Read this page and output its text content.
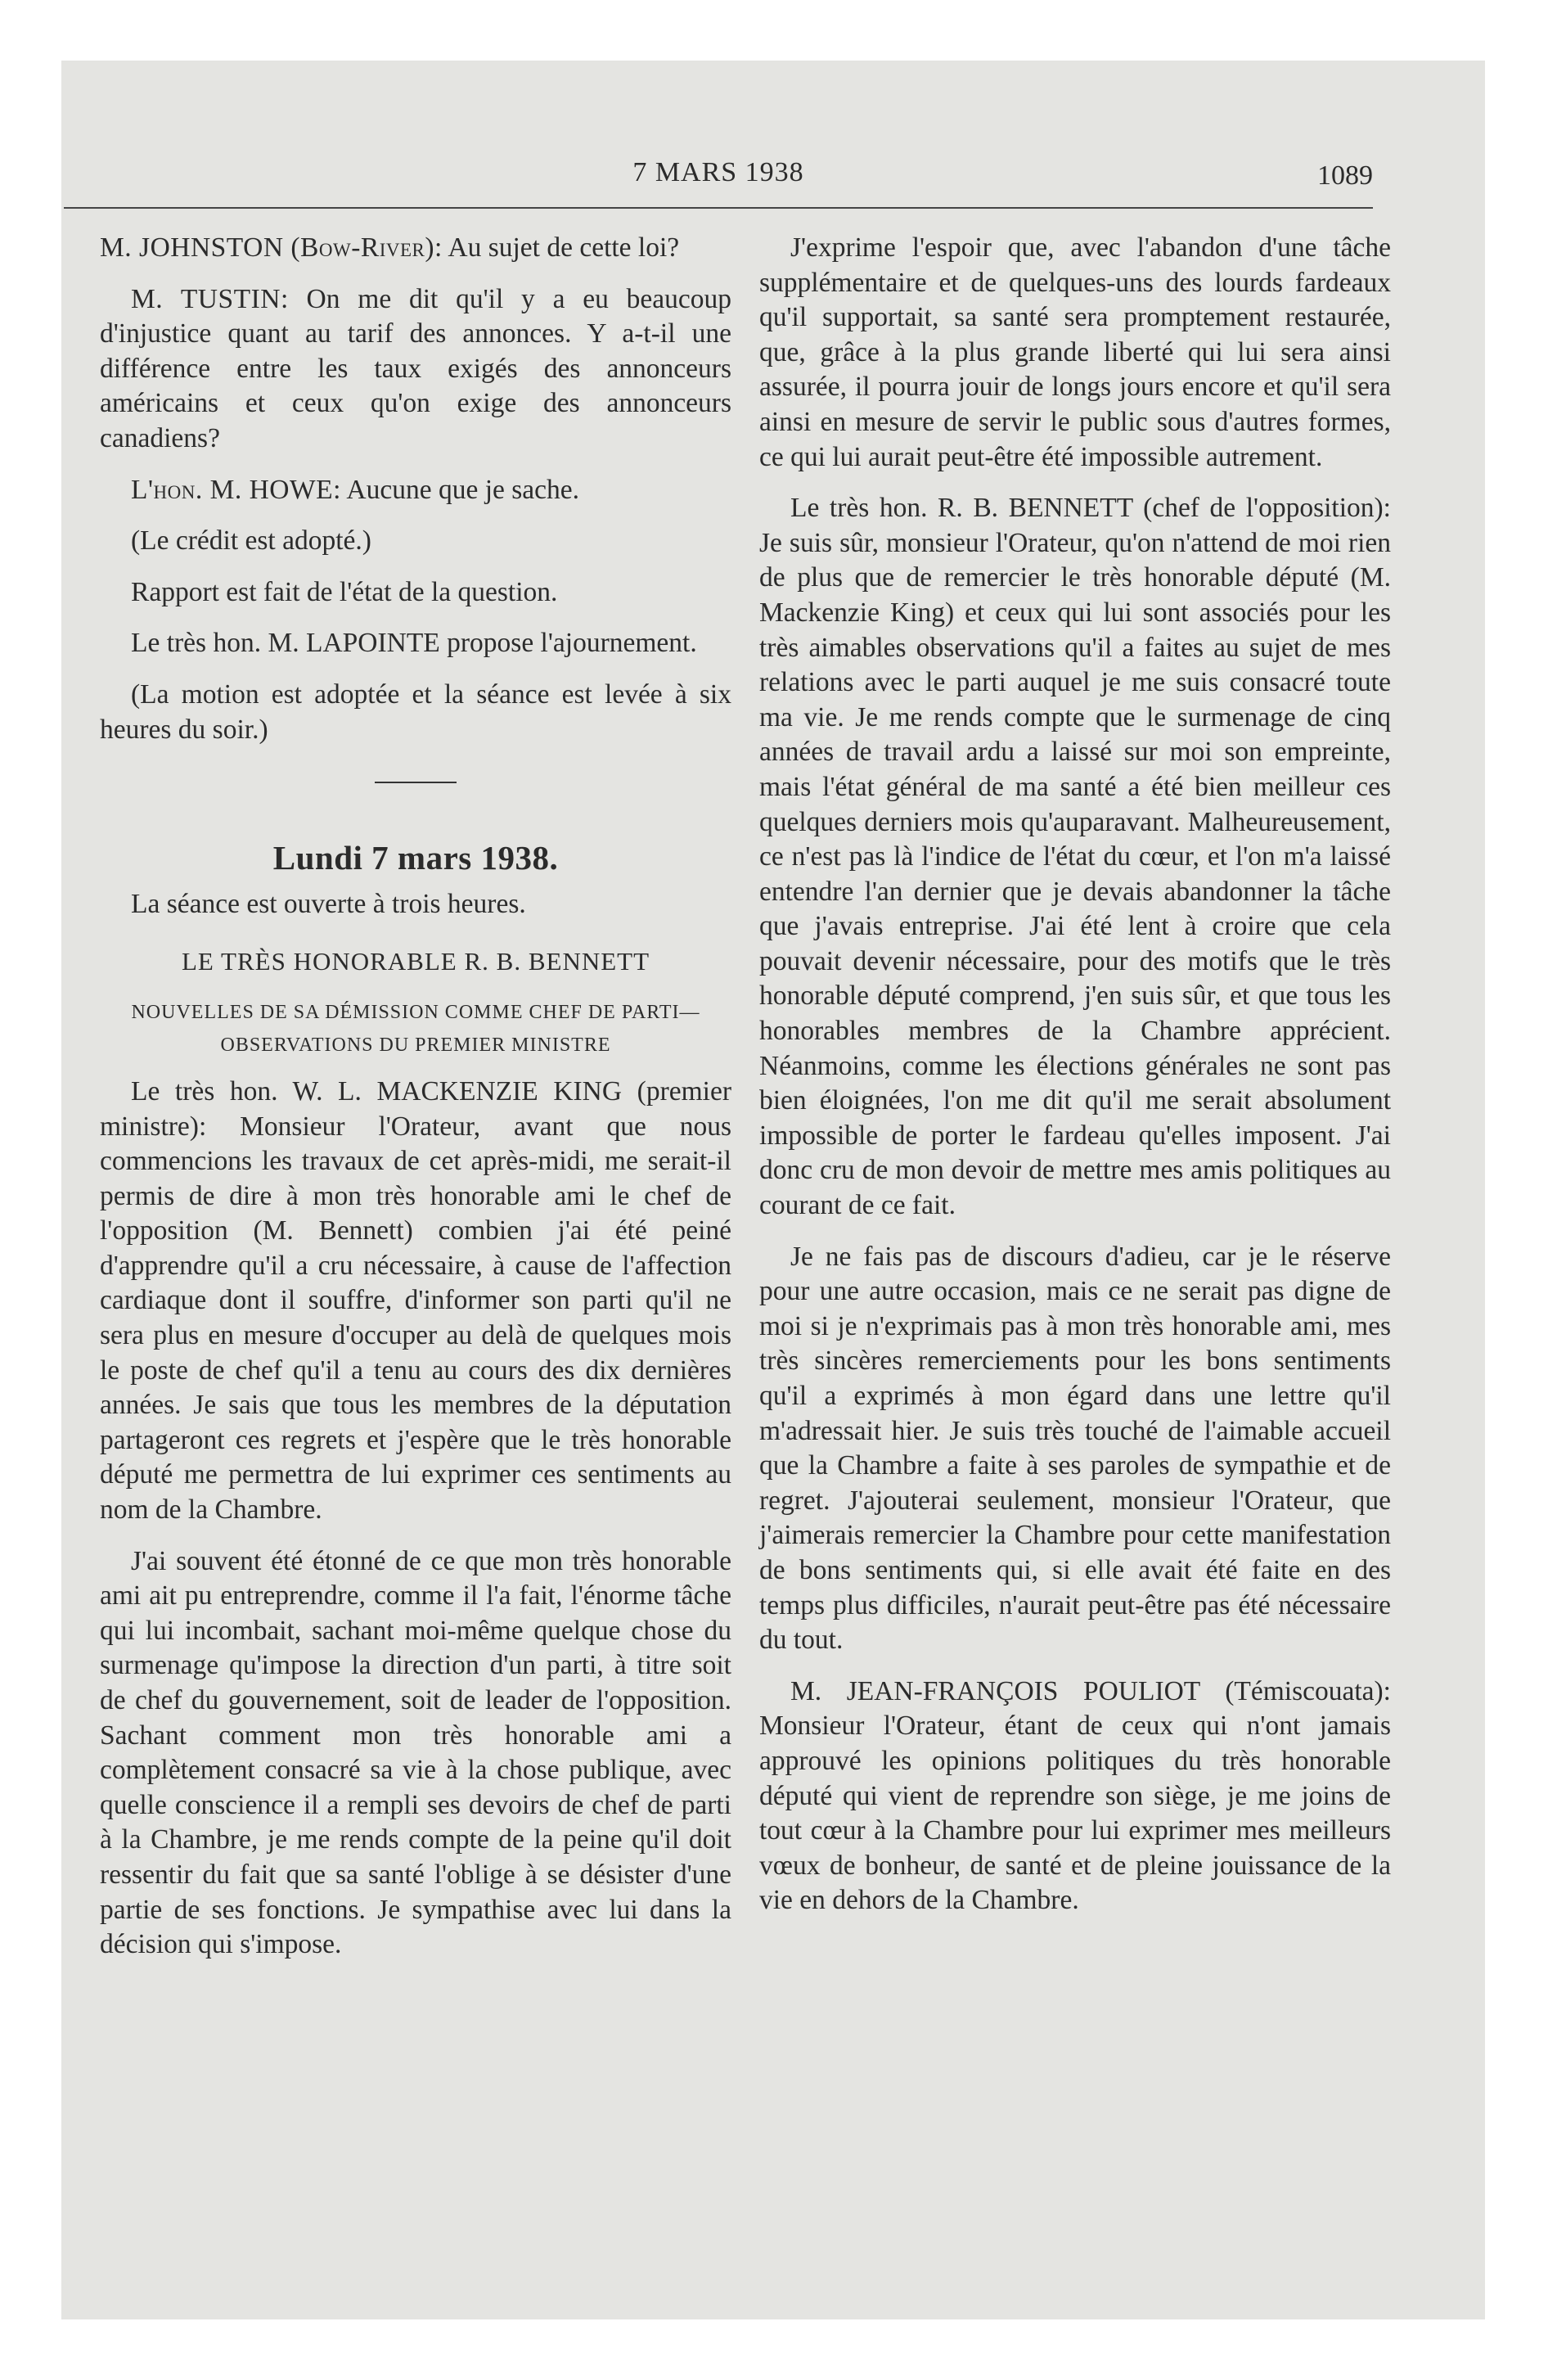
7 MARS 1938	1089

M. JOHNSTON (Bow-River): Au sujet de cette loi?

M. TUSTIN: On me dit qu'il y a eu beaucoup d'injustice quant au tarif des annonces. Y a-t-il une différence entre les taux exigés des annonceurs américains et ceux qu'on exige des annonceurs canadiens?

L'hon. M. HOWE: Aucune que je sache.

(Le crédit est adopté.)

Rapport est fait de l'état de la question.

Le très hon. M. LAPOINTE propose l'ajournement.

(La motion est adoptée et la séance est levée à six heures du soir.)

Lundi 7 mars 1938.

La séance est ouverte à trois heures.

LE TRÈS HONORABLE R. B. BENNETT
NOUVELLES DE SA DÉMISSION COMME CHEF DE PARTI—OBSERVATIONS DU PREMIER MINISTRE

Le très hon. W. L. MACKENZIE KING (premier ministre): Monsieur l'Orateur, avant que nous commencions les travaux de cet après-midi, me serait-il permis de dire à mon très honorable ami le chef de l'opposition (M. Bennett) combien j'ai été peiné d'apprendre qu'il a cru nécessaire, à cause de l'affection cardiaque dont il souffre, d'informer son parti qu'il ne sera plus en mesure d'occuper au delà de quelques mois le poste de chef qu'il a tenu au cours des dix dernières années. Je sais que tous les membres de la députation partageront ces regrets et j'espère que le très honorable député me permettra de lui exprimer ces sentiments au nom de la Chambre.

J'ai souvent été étonné de ce que mon très honorable ami ait pu entreprendre, comme il l'a fait, l'énorme tâche qui lui incombait, sachant moi-même quelque chose du surmenage qu'impose la direction d'un parti, à titre soit de chef du gouvernement, soit de leader de l'opposition. Sachant comment mon très honorable ami a complètement consacré sa vie à la chose publique, avec quelle conscience il a rempli ses devoirs de chef de parti à la Chambre, je me rends compte de la peine qu'il doit ressentir du fait que sa santé l'oblige à se désister d'une partie de ses fonctions. Je sympathise avec lui dans la décision qui s'impose.

J'exprime l'espoir que, avec l'abandon d'une tâche supplémentaire et de quelques-uns des lourds fardeaux qu'il supportait, sa santé sera promptement restaurée, que, grâce à la plus grande liberté qui lui sera ainsi assurée, il pourra jouir de longs jours encore et qu'il sera ainsi en mesure de servir le public sous d'autres formes, ce qui lui aurait peut-être été impossible autrement.

Le très hon. R. B. BENNETT (chef de l'opposition): Je suis sûr, monsieur l'Orateur, qu'on n'attend de moi rien de plus que de remercier le très honorable député (M. Mackenzie King) et ceux qui lui sont associés pour les très aimables observations qu'il a faites au sujet de mes relations avec le parti auquel je me suis consacré toute ma vie. Je me rends compte que le surmenage de cinq années de travail ardu a laissé sur moi son empreinte, mais l'état général de ma santé a été bien meilleur ces quelques derniers mois qu'auparavant. Malheureusement, ce n'est pas là l'indice de l'état du cœur, et l'on m'a laissé entendre l'an dernier que je devais abandonner la tâche que j'avais entreprise. J'ai été lent à croire que cela pouvait devenir nécessaire, pour des motifs que le très honorable député comprend, j'en suis sûr, et que tous les honorables membres de la Chambre apprécient. Néanmoins, comme les élections générales ne sont pas bien éloignées, l'on me dit qu'il me serait absolument impossible de porter le fardeau qu'elles imposent. J'ai donc cru de mon devoir de mettre mes amis politiques au courant de ce fait.

Je ne fais pas de discours d'adieu, car je le réserve pour une autre occasion, mais ce ne serait pas digne de moi si je n'exprimais pas à mon très honorable ami, mes très sincères remerciements pour les bons sentiments qu'il a exprimés à mon égard dans une lettre qu'il m'adressait hier. Je suis très touché de l'aimable accueil que la Chambre a faite à ses paroles de sympathie et de regret. J'ajouterai seulement, monsieur l'Orateur, que j'aimerais remercier la Chambre pour cette manifestation de bons sentiments qui, si elle avait été faite en des temps plus difficiles, n'aurait peut-être pas été nécessaire du tout.

M. JEAN-FRANÇOIS POULIOT (Témiscouata): Monsieur l'Orateur, étant de ceux qui n'ont jamais approuvé les opinions politiques du très honorable député qui vient de reprendre son siège, je me joins de tout cœur à la Chambre pour lui exprimer mes meilleurs vœux de bonheur, de santé et de pleine jouissance de la vie en dehors de la Chambre.
